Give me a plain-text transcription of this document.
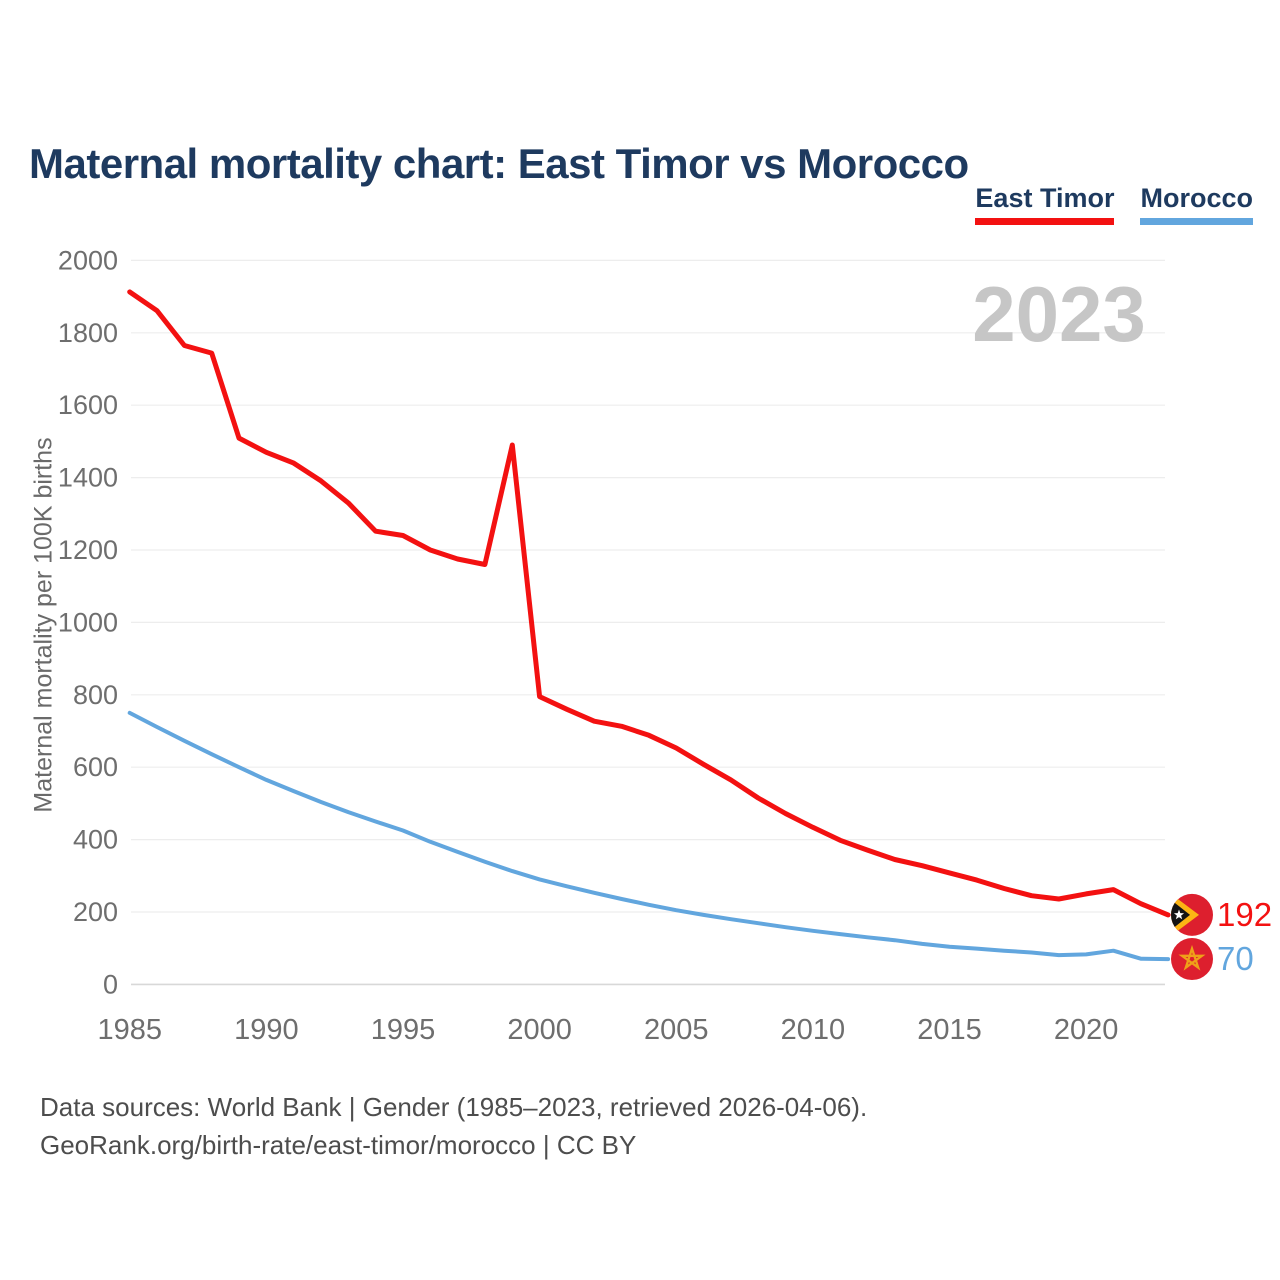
Maternal mortality chart: East Timor vs Morocco
East Timor Morocco
Maternal mortality per 100K births
0
200
400
600
800
1000
1200
1400
1600
1800
2000
1985 1990 1995 2000 2005 2010 2015 2020
2023
192
70
Data sources: World Bank | Gender (1985–2023, retrieved 2026-04-06).
GeoRank.org/birth-rate/east-timor/morocco | CC BY
